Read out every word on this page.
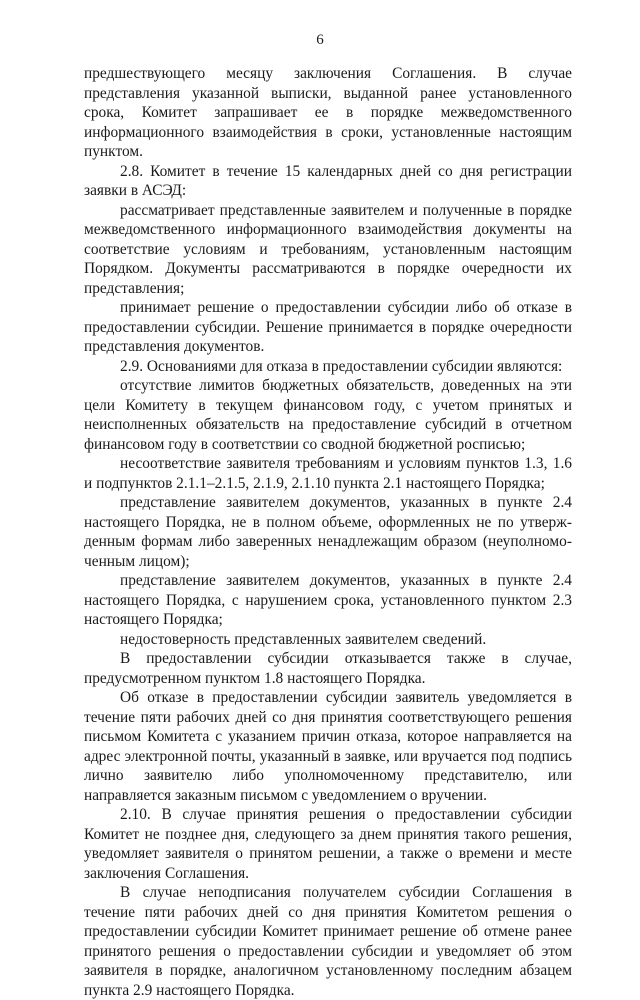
6

предшествующего месяцу заключения Соглашения. В случае представления указанной выписки, выданной ранее установленного срока, Комитет запрашивает ее в порядке межведомственного информационного взаимодействия в сроки, установленные настоящим пунктом.

2.8. Комитет в течение 15 календарных дней со дня регистрации заявки в АСЭД:

рассматривает представленные заявителем и полученные в порядке межведомственного информационного взаимодействия документы на соответствие условиям и требованиям, установленным настоящим Порядком. Документы рассматриваются в порядке очередности их представления;

принимает решение о предоставлении субсидии либо об отказе в предоставлении субсидии. Решение принимается в порядке очередности представления документов.

2.9. Основаниями для отказа в предоставлении субсидии являются:

отсутствие лимитов бюджетных обязательств, доведенных на эти цели Комитету в текущем финансовом году, с учетом принятых и неисполненных обязательств на предоставление субсидий в отчетном финансовом году в соответствии со сводной бюджетной росписью;

несоответствие заявителя требованиям и условиям пунктов 1.3, 1.6 и подпунктов 2.1.1–2.1.5, 2.1.9, 2.1.10 пункта 2.1 настоящего Порядка;

представление заявителем документов, указанных в пункте 2.4 настоящего Порядка, не в полном объеме, оформленных не по утвержденным формам либо заверенных ненадлежащим образом (неуполномоченным лицом);

представление заявителем документов, указанных в пункте 2.4 настоящего Порядка, с нарушением срока, установленного пунктом 2.3 настоящего Порядка;

недостоверность представленных заявителем сведений.

В предоставлении субсидии отказывается также в случае, предусмотренном пунктом 1.8 настоящего Порядка.

Об отказе в предоставлении субсидии заявитель уведомляется в течение пяти рабочих дней со дня принятия соответствующего решения письмом Комитета с указанием причин отказа, которое направляется на адрес электронной почты, указанный в заявке, или вручается под подпись лично заявителю либо уполномоченному представителю, или направляется заказным письмом с уведомлением о вручении.

2.10. В случае принятия решения о предоставлении субсидии Комитет не позднее дня, следующего за днем принятия такого решения, уведомляет заявителя о принятом решении, а также о времени и месте заключения Соглашения.

В случае неподписания получателем субсидии Соглашения в течение пяти рабочих дней со дня принятия Комитетом решения о предоставлении субсидии Комитет принимает решение об отмене ранее принятого решения о предоставлении субсидии и уведомляет об этом заявителя в порядке, аналогичном установленному последним абзацем пункта 2.9 настоящего Порядка.
